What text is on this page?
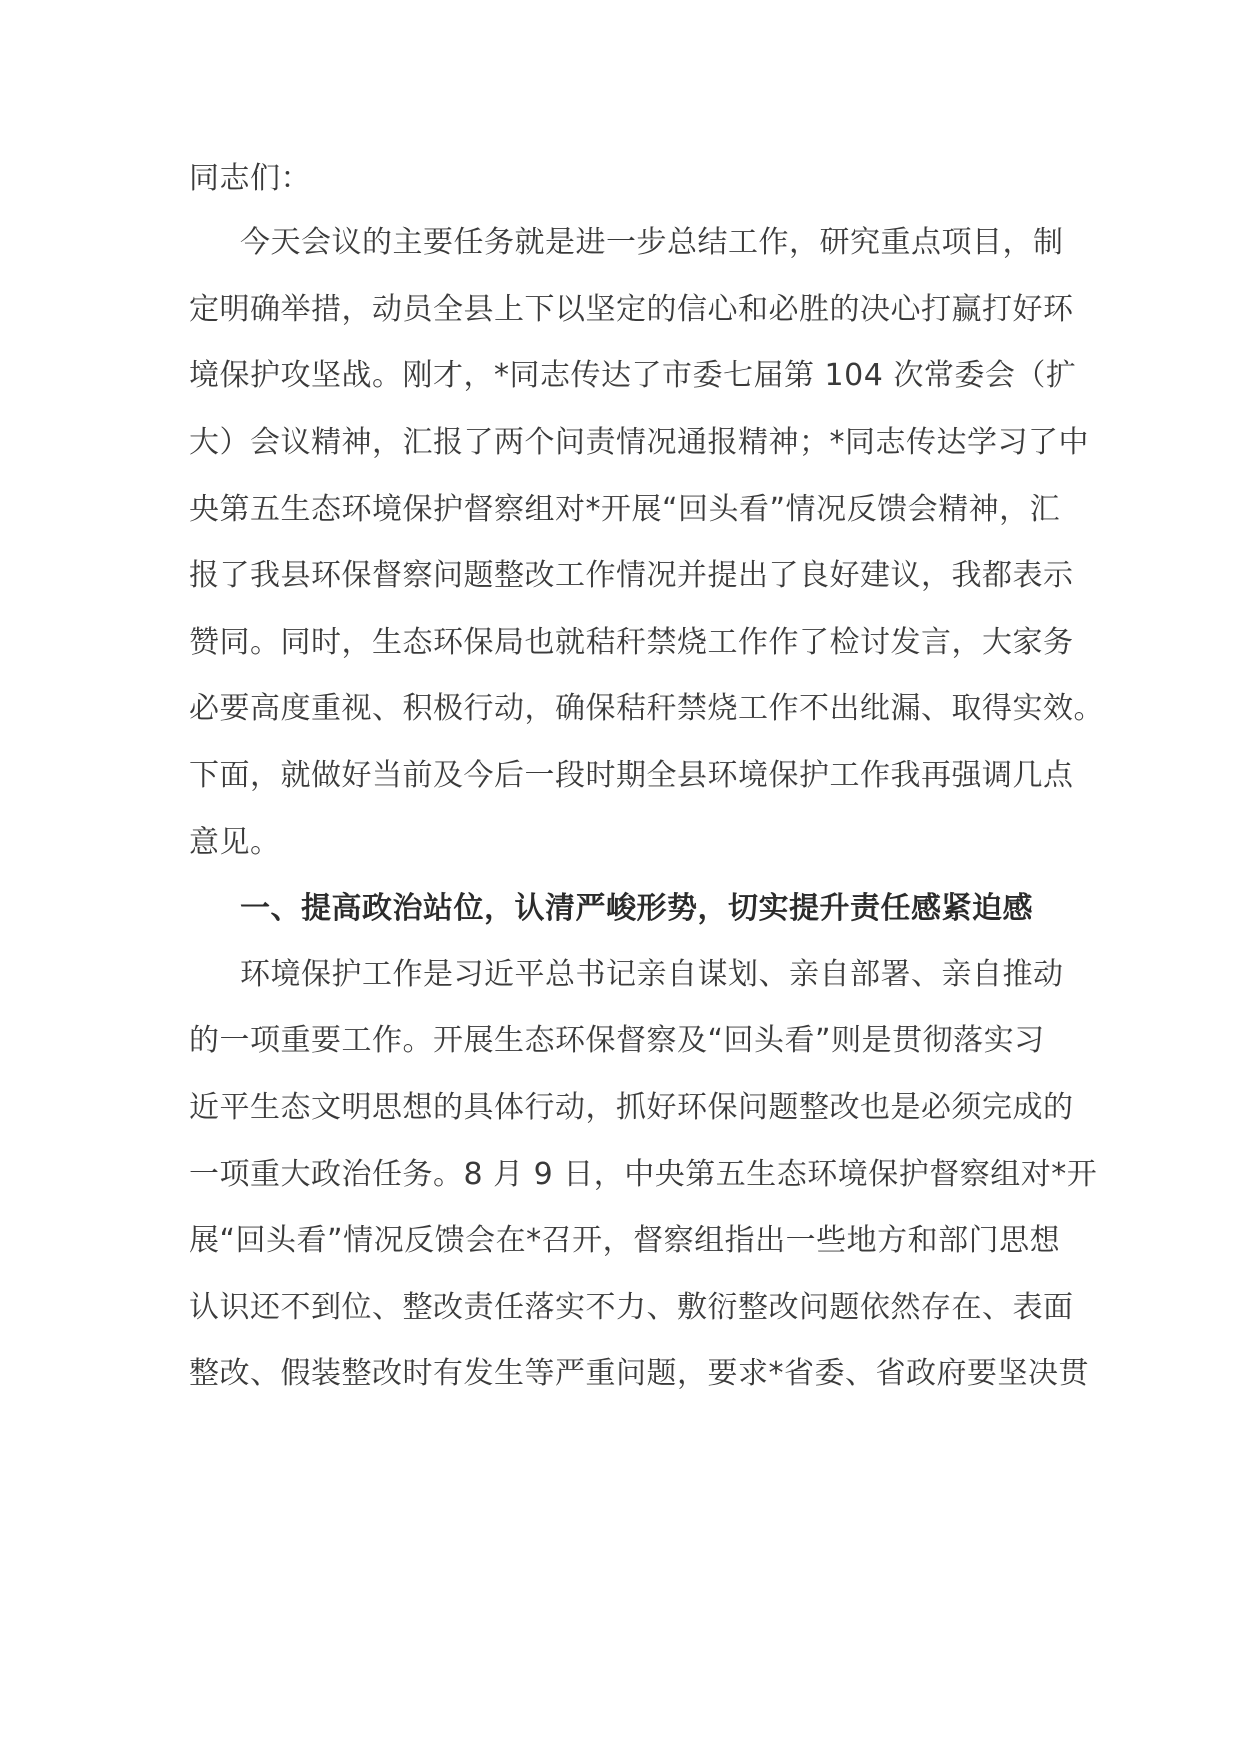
同志们：
今天会议的主要任务就是进一步总结工作，研究重点项目，制
定明确举措，动员全县上下以坚定的信心和必胜的决心打赢打好环
境保护攻坚战。刚才，*同志传达了市委七届第 104 次常委会（扩
大）会议精神，汇报了两个问责情况通报精神；*同志传达学习了中
央第五生态环境保护督察组对*开展“回头看”情况反馈会精神，汇
报了我县环保督察问题整改工作情况并提出了良好建议，我都表示
赞同。同时，生态环保局也就秸秆禁烧工作作了检讨发言，大家务
必要高度重视、积极行动，确保秸秆禁烧工作不出纰漏、取得实效。
下面，就做好当前及今后一段时期全县环境保护工作我再强调几点
意见。
一、提高政治站位，认清严峻形势，切实提升责任感紧迫感
环境保护工作是习近平总书记亲自谋划、亲自部署、亲自推动
的一项重要工作。开展生态环保督察及“回头看”则是贯彻落实习
近平生态文明思想的具体行动，抓好环保问题整改也是必须完成的
一项重大政治任务。8 月 9 日，中央第五生态环境保护督察组对*开
展“回头看”情况反馈会在*召开，督察组指出一些地方和部门思想
认识还不到位、整改责任落实不力、敷衍整改问题依然存在、表面
整改、假装整改时有发生等严重问题，要求*省委、省政府要坚决贯
